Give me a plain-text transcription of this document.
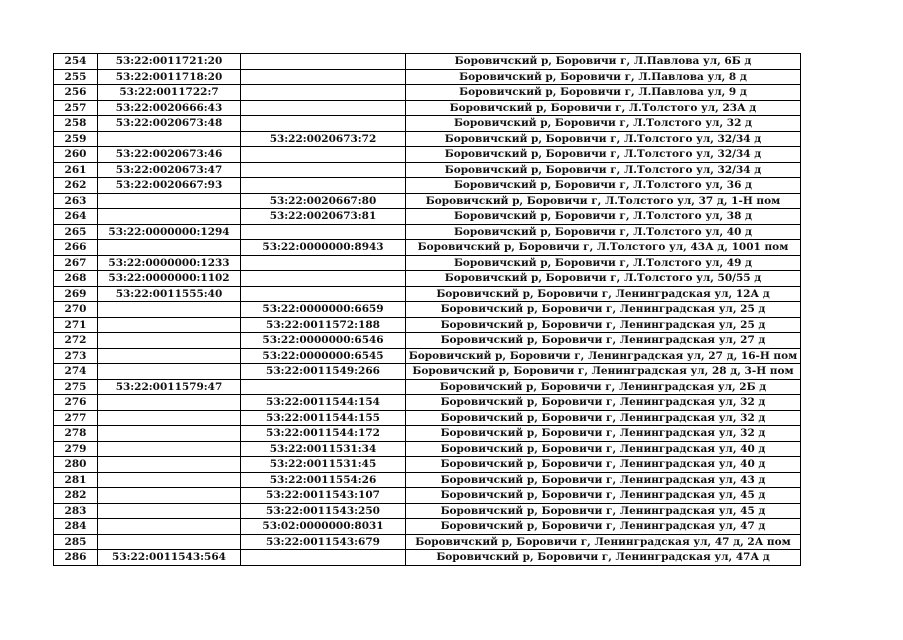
254	53:22:0011721:20		Боровичский р, Боровичи г, Л.Павлова ул, 6Б д
255	53:22:0011718:20		Боровичский р, Боровичи г, Л.Павлова ул, 8 д
256	53:22:0011722:7		Боровичский р, Боровичи г, Л.Павлова ул, 9 д
257	53:22:0020666:43		Боровичский р, Боровичи г, Л.Толстого ул, 23А д
258	53:22:0020673:48		Боровичский р, Боровичи г, Л.Толстого ул, 32 д
259		53:22:0020673:72	Боровичский р, Боровичи г, Л.Толстого ул, 32/34 д
260	53:22:0020673:46		Боровичский р, Боровичи г, Л.Толстого ул, 32/34 д
261	53:22:0020673:47		Боровичский р, Боровичи г, Л.Толстого ул, 32/34 д
262	53:22:0020667:93		Боровичский р, Боровичи г, Л.Толстого ул, 36 д
263		53:22:0020667:80	Боровичский р, Боровичи г, Л.Толстого ул, 37 д, 1-Н пом
264		53:22:0020673:81	Боровичский р, Боровичи г, Л.Толстого ул, 38 д
265	53:22:0000000:1294		Боровичский р, Боровичи г, Л.Толстого ул, 40 д
266		53:22:0000000:8943	Боровичский р, Боровичи г, Л.Толстого ул, 43А д, 1001 пом
267	53:22:0000000:1233		Боровичский р, Боровичи г, Л.Толстого ул, 49 д
268	53:22:0000000:1102		Боровичский р, Боровичи г, Л.Толстого ул, 50/55 д
269	53:22:0011555:40		Боровичский р, Боровичи г, Ленинградская ул, 12А д
270		53:22:0000000:6659	Боровичский р, Боровичи г, Ленинградская ул, 25 д
271		53:22:0011572:188	Боровичский р, Боровичи г, Ленинградская ул, 25 д
272		53:22:0000000:6546	Боровичский р, Боровичи г, Ленинградская ул, 27 д
273		53:22:0000000:6545	Боровичский р, Боровичи г, Ленинградская ул, 27 д, 16-Н пом
274		53:22:0011549:266	Боровичский р, Боровичи г, Ленинградская ул, 28 д, 3-Н пом
275	53:22:0011579:47		Боровичский р, Боровичи г, Ленинградская ул, 2Б д
276		53:22:0011544:154	Боровичский р, Боровичи г, Ленинградская ул, 32 д
277		53:22:0011544:155	Боровичский р, Боровичи г, Ленинградская ул, 32 д
278		53:22:0011544:172	Боровичский р, Боровичи г, Ленинградская ул, 32 д
279		53:22:0011531:34	Боровичский р, Боровичи г, Ленинградская ул, 40 д
280		53:22:0011531:45	Боровичский р, Боровичи г, Ленинградская ул, 40 д
281		53:22:0011554:26	Боровичский р, Боровичи г, Ленинградская ул, 43 д
282		53:22:0011543:107	Боровичский р, Боровичи г, Ленинградская ул, 45 д
283		53:22:0011543:250	Боровичский р, Боровичи г, Ленинградская ул, 45 д
284		53:02:0000000:8031	Боровичский р, Боровичи г, Ленинградская ул, 47 д
285		53:22:0011543:679	Боровичский р, Боровичи г, Ленинградская ул, 47 д, 2А пом
286	53:22:0011543:564		Боровичский р, Боровичи г, Ленинградская ул, 47А д
